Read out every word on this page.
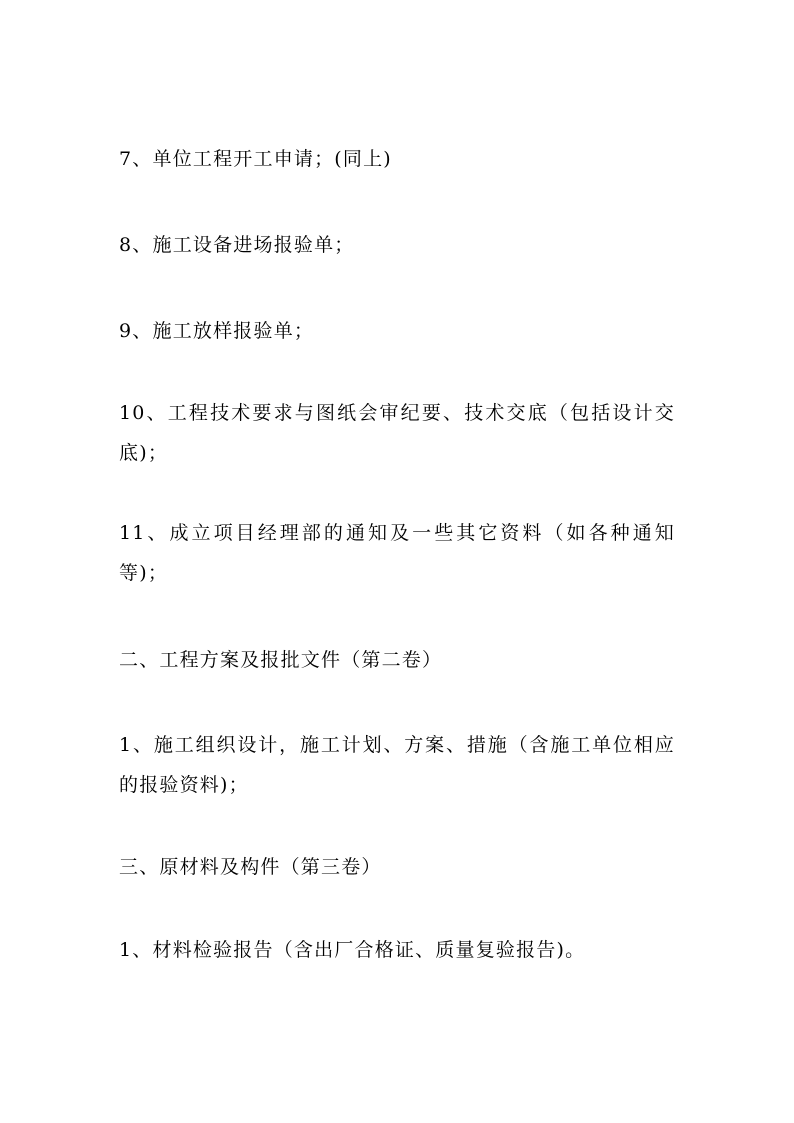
7、单位工程开工申请；(同上)

8、施工设备进场报验单；

9、施工放样报验单；

10、工程技术要求与图纸会审纪要、技术交底（包括设计交底)；

11、成立项目经理部的通知及一些其它资料（如各种通知等)；

二、工程方案及报批文件（第二卷）

1、施工组织设计，施工计划、方案、措施（含施工单位相应的报验资料)；

三、原材料及构件（第三卷）

1、材料检验报告（含出厂合格证、质量复验报告)。
